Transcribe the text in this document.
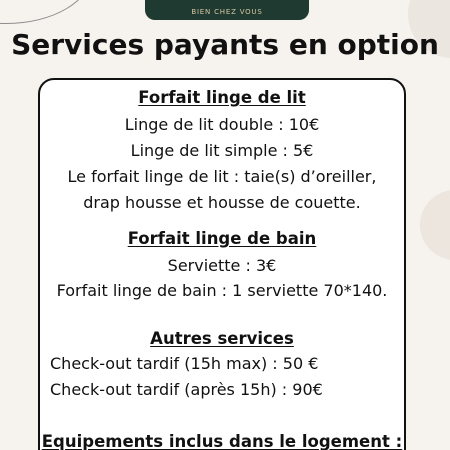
BIEN CHEZ VOUS
Services payants en option
Forfait linge de lit
Linge de lit double : 10€
Linge de lit simple : 5€
Le forfait linge de lit : taie(s) d’oreiller,
drap housse et housse de couette.
Forfait linge de bain
Serviette : 3€
Forfait linge de bain : 1 serviette 70*140.
Autres services
Check-out tardif (15h max) : 50 €
Check-out tardif (après 15h) : 90€
Equipements inclus dans le logement :
